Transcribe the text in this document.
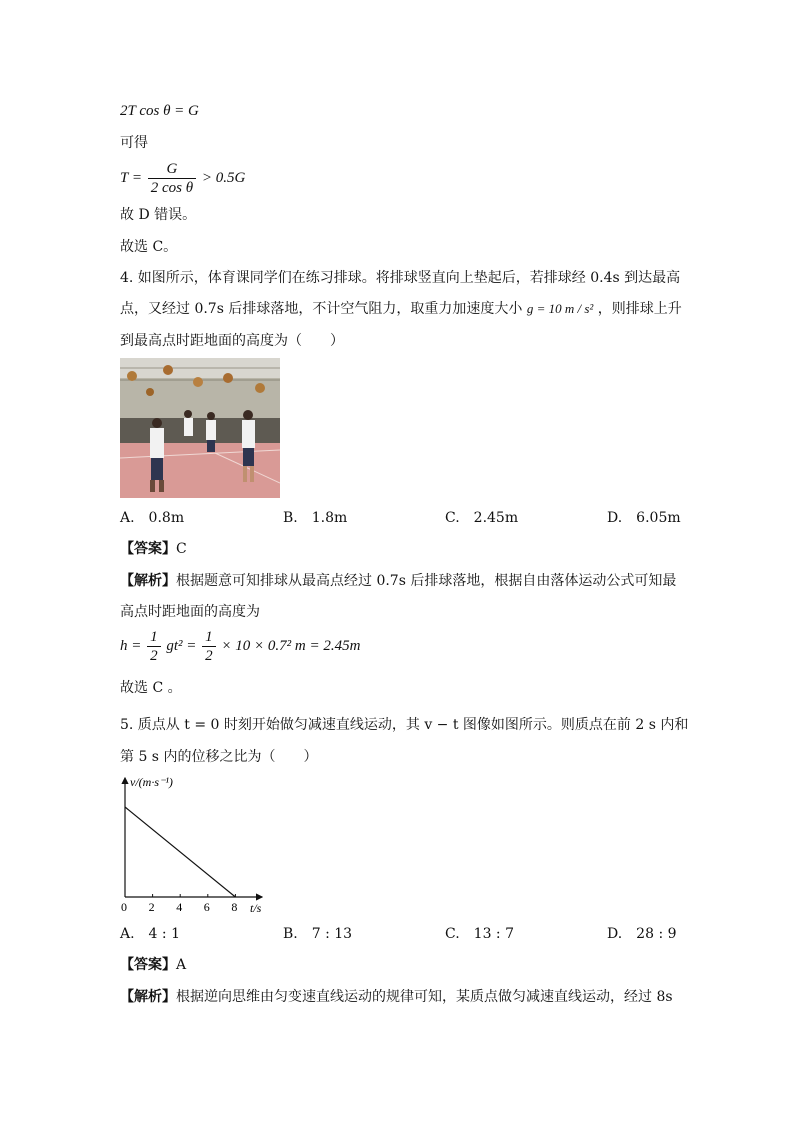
2T cos θ = G
可得
$T = \frac{G}{\text{2 cos θ}} > 0.5G$
故 D 错误。
故选 C。
4. 如图所示，体育课同学们在练习排球。将排球竖直向上垫起后，若排球经 0.4s 到达最高
点，又经过 0.7s 后排球落地，不计空气阻力，取重力加速度大小 g = 10 m / s² ，则排球上升
到最高点时距地面的高度为（　　）
A.　0.8m	B.　1.8m	C.　2.45m	D.　6.05m
【答案】C
【解析】根据题意可知排球从最高点经过 0.7s 后排球落地，根据自由落体运动公式可知最
高点时距地面的高度为
$h = \frac{1}{2} gt^2 = \frac{1}{2} \times 10 \times 0.7^2$ m = 2.45m
故选 C 。
5. 质点从 t = 0 时刻开始做匀减速直线运动，其 v − t 图像如图所示。则质点在前 2 s 内和
第 5 s 内的位移之比为（　　）
v/(m·s⁻¹)
t/s
0 2 4 6 8
A.　4 : 1	B.　7 : 13	C.　13 : 7	D.　28 : 9
【答案】A
【解析】根据逆向思维由匀变速直线运动的规律可知，某质点做匀减速直线运动，经过 8s
